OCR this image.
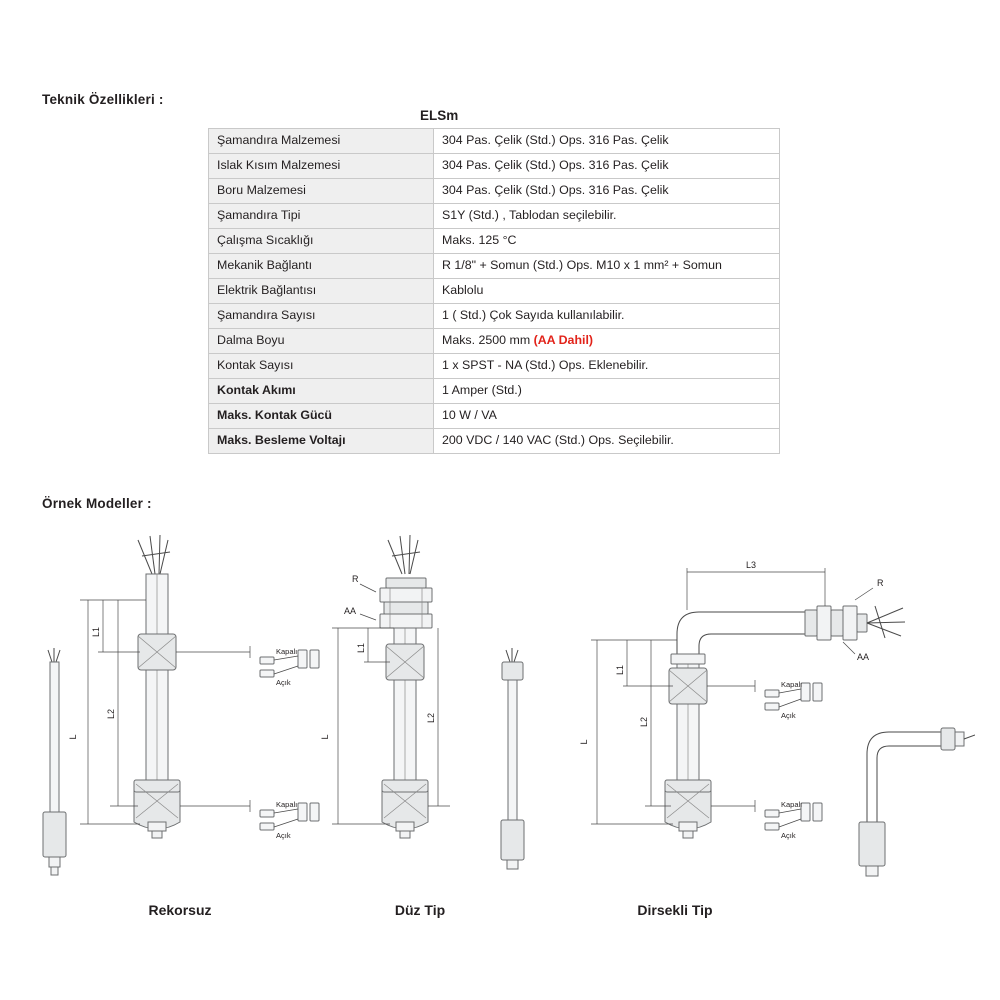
Teknik Özellikleri :
ELSm
Şamandıra Malzemesi	304 Pas. Çelik (Std.) Ops. 316 Pas. Çelik
Islak Kısım Malzemesi	304 Pas. Çelik (Std.) Ops. 316 Pas. Çelik
Boru Malzemesi	304 Pas. Çelik (Std.) Ops. 316 Pas. Çelik
Şamandıra Tipi	S1Y (Std.) , Tablodan seçilebilir.
Çalışma Sıcaklığı	Maks. 125 °C
Mekanik Bağlantı	R 1/8" + Somun (Std.) Ops. M10 x 1 mm² + Somun
Elektrik Bağlantısı	Kablolu
Şamandıra Sayısı	1 ( Std.) Çok Sayıda kullanılabilir.
Dalma Boyu	Maks. 2500 mm (AA Dahil)
Kontak Sayısı	1 x SPST - NA (Std.) Ops. Eklenebilir.
Kontak Akımı	1 Amper (Std.)
Maks. Kontak Gücü	10 W / VA
Maks. Besleme Voltajı	200 VDC / 140 VAC (Std.) Ops. Seçilebilir.
Örnek Modeller :
L
L1
L2
Kapalı
Açık
Kapalı
Açık
R
AA
L
L1
L2
R
AA
L3
L
L1
L2
Kapalı
Açık
Kapalı
Açık
Rekorsuz	Düz Tip	Dirsekli Tip
